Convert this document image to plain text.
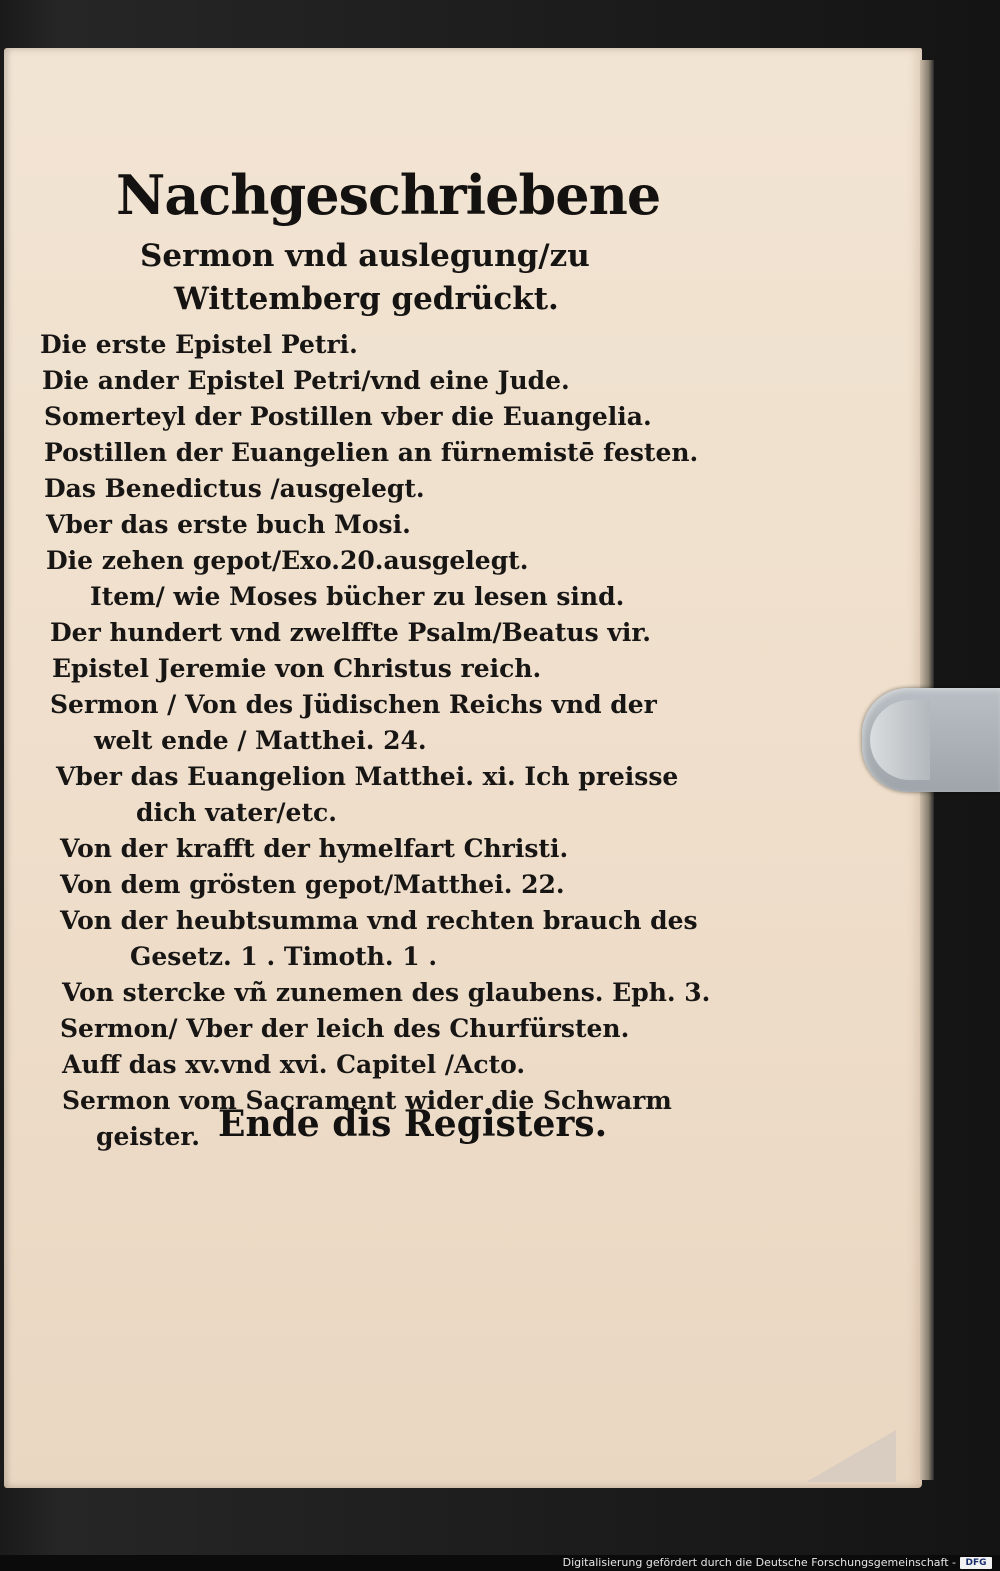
Nachgeschriebene
Sermon vnd auslegung/zu
Wittemberg gedrückt.
Die erste Epistel Petri.
Die ander Epistel Petri/vnd eine Jude.
Somerteyl der Postillen vber die Euangelia.
Postillen der Euangelien an fürnemistē festen.
Das Benedictus /ausgelegt.
Vber das erste buch Mosi.
Die zehen gepot/Exo.20.ausgelegt.
Item/ wie Moses bücher zu lesen sind.
Der hundert vnd zwelffte Psalm/Beatus vir.
Epistel Jeremie von Christus reich.
Sermon / Von des Jüdischen Reichs vnd der
welt ende / Matthei. 24.
Vber das Euangelion Matthei. xi. Ich preisse
dich vater/etc.
Von der krafft der hymelfart Christi.
Von dem grösten gepot/Matthei. 22.
Von der heubtsumma vnd rechten brauch des
Gesetz. 1 . Timoth. 1 .
Von stercke vñ zunemen des glaubens. Eph. 3.
Sermon/ Vber der leich des Churfürsten.
Auff das xv.vnd xvi. Capitel /Acto.
Sermon vom Sacrament wider die Schwarm
geister. Ende dis Registers.
Digitalisierung gefördert durch die Deutsche Forschungsgemeinschaft -	DFG
